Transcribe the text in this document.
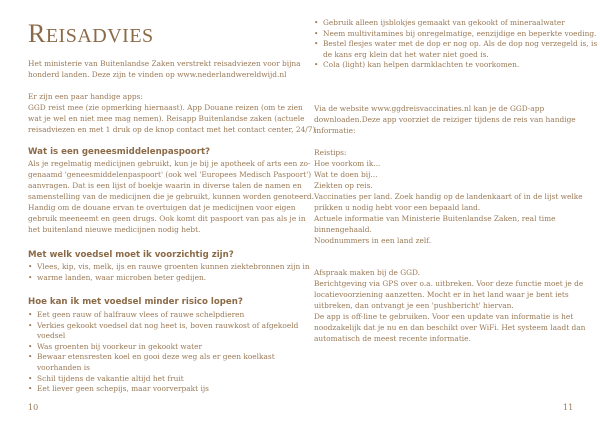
REISADVIES

Het ministerie van Buitenlandse Zaken verstrekt reisadviezen voor bijna

honderd landen. Deze zijn te vinden op www.nederlandwereldwijd.nl

Er zijn een paar handige apps:

GGD reist mee (zie opmerking hiernaast). App Douane reizen (om te zien

wat je wel en niet mee mag nemen). Reisapp Buitenlandse zaken (actuele

reisadviezen en met 1 druk op de knop contact met het contact center, 24/7)

Wat is een geneesmiddelenpaspoort?

Als je regelmatig medicijnen gebruikt, kun je bij je apotheek of arts een zo-

genaamd 'geneesmiddelenpaspoort' (ook wel 'Europees Medisch Paspoort')

aanvragen. Dat is een lijst of boekje waarin in diverse talen de namen en

samenstelling van de medicijnen die je gebruikt, kunnen worden genoteerd.

Handig om de douane ervan te overtuigen dat je medicijnen voor eigen

gebruik meeneemt en geen drugs. Ook komt dit paspoort van pas als je in

het buitenland nieuwe medicijnen nodig hebt.

Met welk voedsel moet ik voorzichtig zijn?

• Vlees, kip, vis, melk, ijs en rauwe groenten kunnen ziektebronnen zijn in
• warme landen, waar microben beter gedijen.

Hoe kan ik met voedsel minder risico lopen?

• Eet geen rauw of halfrauw vlees of rauwe schelpdieren
• Verkies gekookt voedsel dat nog heet is, boven rauwkost of afgekoeld
voedsel
• Was groenten bij voorkeur in gekookt water
• Bewaar etensresten koel en gooi deze weg als er geen koelkast
voorhanden is
• Schil tijdens de vakantie altijd het fruit
• Eet liever geen schepijs, maar voorverpakt ijs

10

• Gebruik alleen ijsblokjes gemaakt van gekookt of mineraalwater
• Neem multivitamines bij onregelmatige, eenzijdige en beperkte voeding.
• Bestel flesjes water met de dop er nog op. Als de dop nog verzegeld is, is
de kans erg klein dat het water niet goed is.
• Cola (light) kan helpen darmklachten te voorkomen.

Via de website www.ggdreisvaccinaties.nl kan je de GGD-app

downloaden.Deze app voorziet de reiziger tijdens de reis van handige

informatie:

Reistips:

Hoe voorkom ik...

Wat te doen bij...

Ziekten op reis.

Vaccinaties per land. Zoek handig op de landenkaart of in de lijst welke

prikken u nodig hebt voor een bepaald land.

Actuele informatie van Ministerie Buitenlandse Zaken, real time

binnengehaald.

Noodnummers in een land zelf.

Afspraak maken bij de GGD.

Berichtgeving via GPS over o.a. uitbreken. Voor deze functie moet je de

locatievoorziening aanzetten. Mocht er in het land waar je bent iets

uitbreken, dan ontvangt je een 'pushbericht' hiervan.

De app is off-line te gebruiken. Voor een update van informatie is het

noodzakelijk dat je nu en dan beschikt over WiFi. Het systeem laadt dan

automatisch de meest recente informatie.

11
